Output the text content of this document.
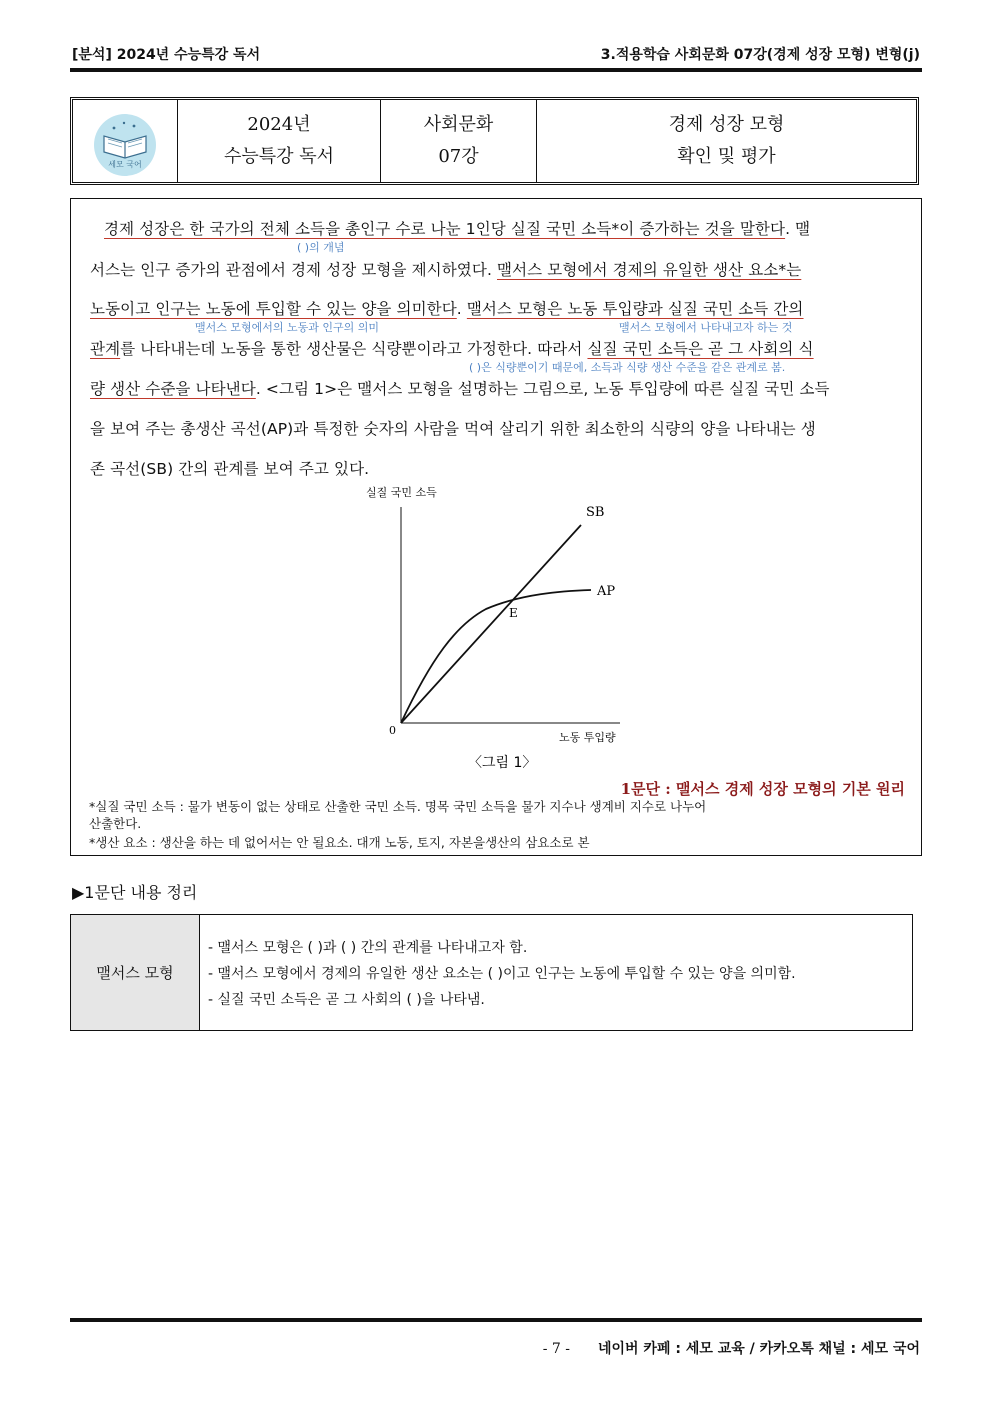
[분석] 2024년 수능특강 독서	3.적용학습 사회문화 07강(경제 성장 모형) 변형(j)
세모 국어
2024년
수능특강 독서
사회문화
07강
경제 성장 모형
확인 및 평가
경제 성장은 한 국가의 전체 소득을 총인구 수로 나눈 1인당 실질 국민 소득*이 증가하는 것을 말한다. 맬
( )의 개념
서스는 인구 증가의 관점에서 경제 성장 모형을 제시하였다. 맬서스 모형에서 경제의 유일한 생산 요소*는
노동이고 인구는 노동에 투입할 수 있는 양을 의미한다. 맬서스 모형은 노동 투입량과 실질 국민 소득 간의
맬서스 모형에서의 노동과 인구의 의미	맬서스 모형에서 나타내고자 하는 것
관계를 나타내는데 노동을 통한 생산물은 식량뿐이라고 가정한다. 따라서 실질 국민 소득은 곧 그 사회의 식
( )은 식량뿐이기 때문에, 소득과 식량 생산 수준을 같은 관계로 봄.
량 생산 수준을 나타낸다. <그림 1>은 맬서스 모형을 설명하는 그림으로, 노동 투입량에 따른 실질 국민 소득
을 보여 주는 총생산 곡선(AP)과 특정한 숫자의 사람을 먹여 살리기 위한 최소한의 식량의 양을 나타내는 생
존 곡선(SB) 간의 관계를 보여 주고 있다.
실질 국민 소득
SB
AP
E
0
노동 투입량
〈그림 1〉
1문단 : 맬서스 경제 성장 모형의 기본 원리
*실질 국민 소득 : 물가 변동이 없는 상태로 산출한 국민 소득. 명목 국민 소득을 물가 지수나 생계비 지수로 나누어
산출한다.
*생산 요소 : 생산을 하는 데 없어서는 안 될요소. 대개 노동, 토지, 자본을생산의 삼요소로 본
▶1문단 내용 정리
맬서스 모형
- 맬서스 모형은 ( )과 ( ) 간의 관계를 나타내고자 함.
- 맬서스 모형에서 경제의 유일한 생산 요소는 ( )이고 인구는 노동에 투입할 수 있는 양을 의미함.
- 실질 국민 소득은 곧 그 사회의 ( )을 나타냄.
- 7 - 네이버 카페 : 세모 교육 / 카카오톡 채널 : 세모 국어
